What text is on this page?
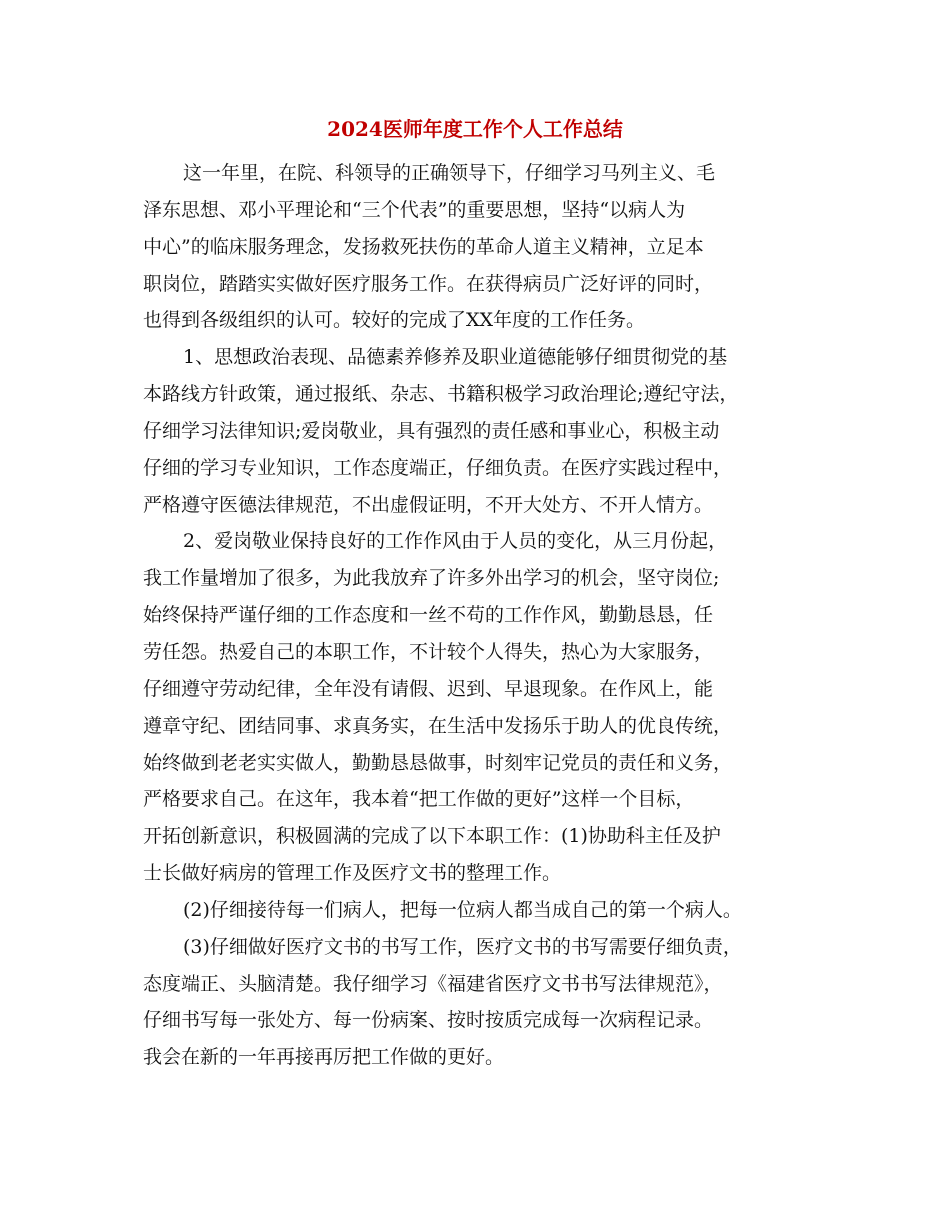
2024医师年度工作个人工作总结
这一年里，在院、科领导的正确领导下，仔细学习马列主义、毛
泽东思想、邓小平理论和“三个代表”的重要思想，坚持“以病人为
中心”的临床服务理念，发扬救死扶伤的革命人道主义精神，立足本
职岗位，踏踏实实做好医疗服务工作。在获得病员广泛好评的同时，
也得到各级组织的认可。较好的完成了XX年度的工作任务。
1、思想政治表现、品德素养修养及职业道德能够仔细贯彻党的基
本路线方针政策，通过报纸、杂志、书籍积极学习政治理论;遵纪守法，
仔细学习法律知识;爱岗敬业，具有强烈的责任感和事业心，积极主动
仔细的学习专业知识，工作态度端正，仔细负责。在医疗实践过程中，
严格遵守医德法律规范，不出虚假证明，不开大处方、不开人情方。
2、爱岗敬业保持良好的工作作风由于人员的变化，从三月份起，
我工作量增加了很多，为此我放弃了许多外出学习的机会，坚守岗位;
始终保持严谨仔细的工作态度和一丝不苟的工作作风，勤勤恳恳，任
劳任怨。热爱自己的本职工作，不计较个人得失，热心为大家服务，
仔细遵守劳动纪律，全年没有请假、迟到、早退现象。在作风上，能
遵章守纪、团结同事、求真务实，在生活中发扬乐于助人的优良传统，
始终做到老老实实做人，勤勤恳恳做事，时刻牢记党员的责任和义务，
严格要求自己。在这年，我本着“把工作做的更好”这样一个目标，
开拓创新意识，积极圆满的完成了以下本职工作：(1)协助科主任及护
士长做好病房的管理工作及医疗文书的整理工作。
(2)仔细接待每一们病人，把每一位病人都当成自己的第一个病人。
(3)仔细做好医疗文书的书写工作，医疗文书的书写需要仔细负责，
态度端正、头脑清楚。我仔细学习《福建省医疗文书书写法律规范》，
仔细书写每一张处方、每一份病案、按时按质完成每一次病程记录。
我会在新的一年再接再厉把工作做的更好。
